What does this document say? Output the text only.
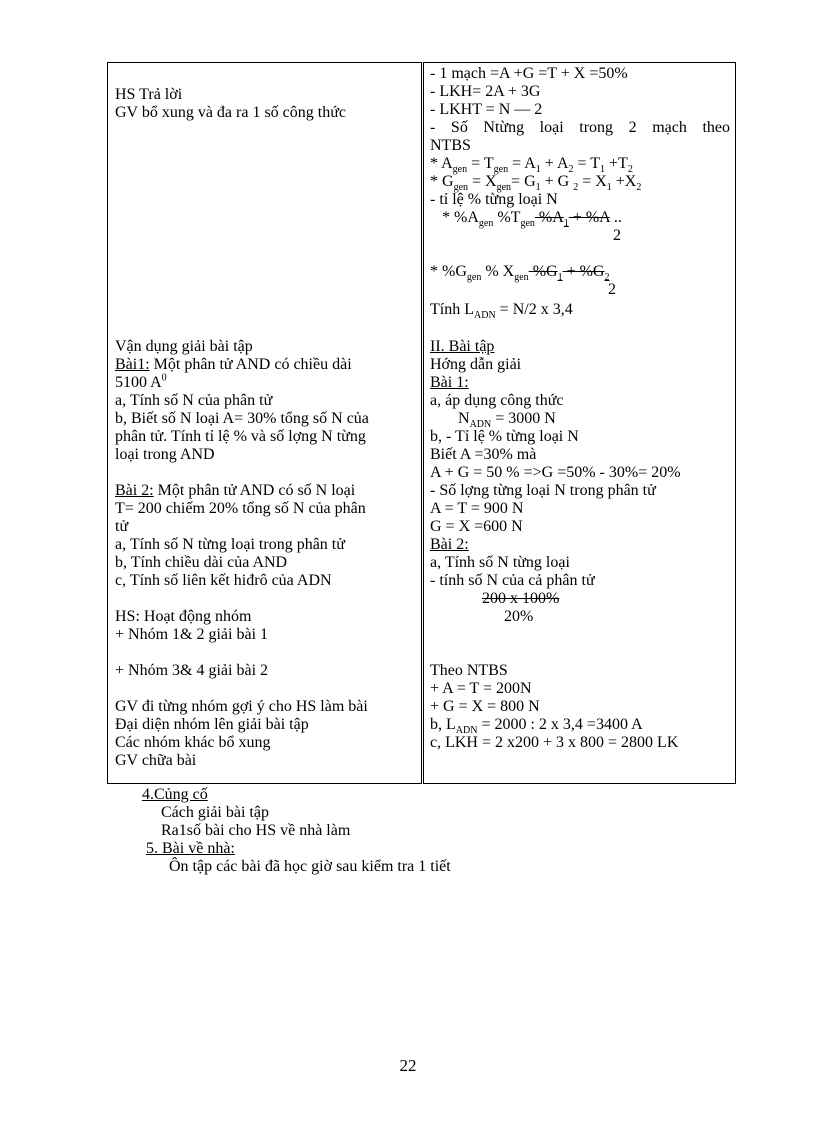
HS Trả lời
GV bổ xung và đa ra 1 số công thức
Vận dụng giải bài tập
Bài1: Một phân tử AND có chiều dài
5100 $A^0$
a, Tính số N của phân tử
b, Biết số N loại A= 30% tổng số N của
phân tử. Tính tỉ lệ % và số lợng N từng
loại trong AND
Bài 2: Một phân tử AND có số N loại
T= 200 chiếm 20% tổng số N của phân
tử
a, Tính số N từng loại trong phân tử
b, Tính chiều dài của AND
c, Tính số liên kết hiđrô của ADN
HS: Hoạt động nhóm
+ Nhóm 1& 2 giải bài 1
+ Nhóm 3& 4 giải bài 2
GV đi từng nhóm gợi ý cho HS làm bài
Đại diện nhóm lên giải bài tập
Các nhóm khác bổ xung
GV chữa bài

- 1 mạch =A +G =T + X =50%
- LKH= 2A + 3G
- LKHT = N — 2
- Số Ntừng loại trong 2 mạch theo
NTBS
* $A_{gen} = T_{gen} = A_1 + A_2 = T_1 +T_2$
* $G_{gen} = X_{gen}= G_1 + G$ $_2 = X_1 +X_2$
- tỉ lệ % từng loại N
* $\%A_{gen}$ $\%T_{gen}$ $\%A_1 + \%A$ ..
2
* $\%G_{gen}$ % $X_{gen}$ $\%G_1 + \%G_2$
2
Tính $L_{ADN} = N/2$ x 3,4
II. Bài tập
Hớng dẫn giải
Bài 1:
a, áp dụng công thức
$N_{ADN} = 3000$ N
b, - Tỉ lệ % từng loại N
Biết A =30% mà
A + G = 50 % =>G =50% - 30%= 20%
- Số lợng từng loại N trong phân tử
A = T = 900 N
G = X =600 N
Bài 2:
a, Tính số N từng loại
- tính số N của cả phân tử
200 x 100%
20%
Theo NTBS
+ A = T = 200N
+ G = X = 800 N
b, $L_{ADN} = 2000$ : 2 x 3,4 =3400 A
c, LKH = 2 x200 + 3 x 800 = 2800 LK
4.Củng cố
Cách giải bài tập
Ra1số bài cho HS về nhà làm
5. Bài về nhà:
Ôn tập các bài đã học giờ sau kiểm tra 1 tiết
22
